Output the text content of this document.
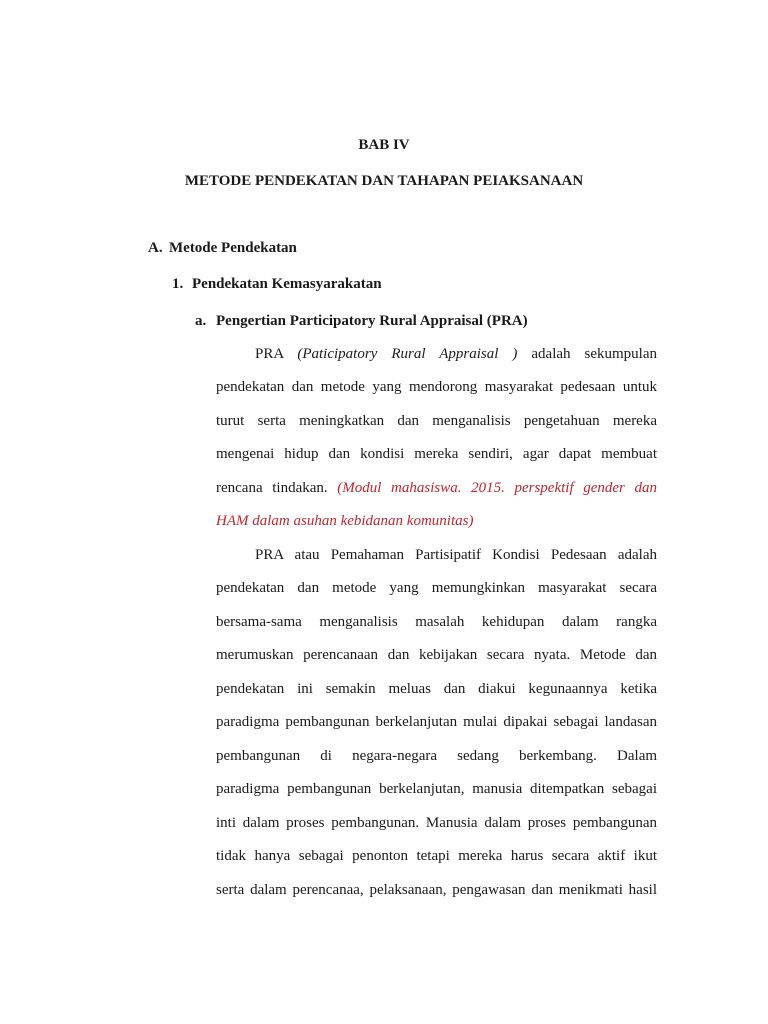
BAB IV
METODE PENDEKATAN DAN TAHAPAN PEIAKSANAAN
A. Metode Pendekatan
1. Pendekatan Kemasyarakatan
a. Pengertian Participatory Rural Appraisal (PRA)
PRA (Paticipatory Rural Appraisal ) adalah sekumpulan
pendekatan dan metode yang mendorong masyarakat pedesaan untuk
turut serta meningkatkan dan menganalisis pengetahuan mereka
mengenai hidup dan kondisi mereka sendiri, agar dapat membuat
rencana tindakan. (Modul mahasiswa. 2015. perspektif gender dan
HAM dalam asuhan kebidanan komunitas)
PRA atau Pemahaman Partisipatif Kondisi Pedesaan adalah
pendekatan dan metode yang memungkinkan masyarakat secara
bersama-sama menganalisis masalah kehidupan dalam rangka
merumuskan perencanaan dan kebijakan secara nyata. Metode dan
pendekatan ini semakin meluas dan diakui kegunaannya ketika
paradigma pembangunan berkelanjutan mulai dipakai sebagai landasan
pembangunan di negara-negara sedang berkembang. Dalam
paradigma pembangunan berkelanjutan, manusia ditempatkan sebagai
inti dalam proses pembangunan. Manusia dalam proses pembangunan
tidak hanya sebagai penonton tetapi mereka harus secara aktif ikut
serta dalam perencanaa, pelaksanaan, pengawasan dan menikmati hasil
